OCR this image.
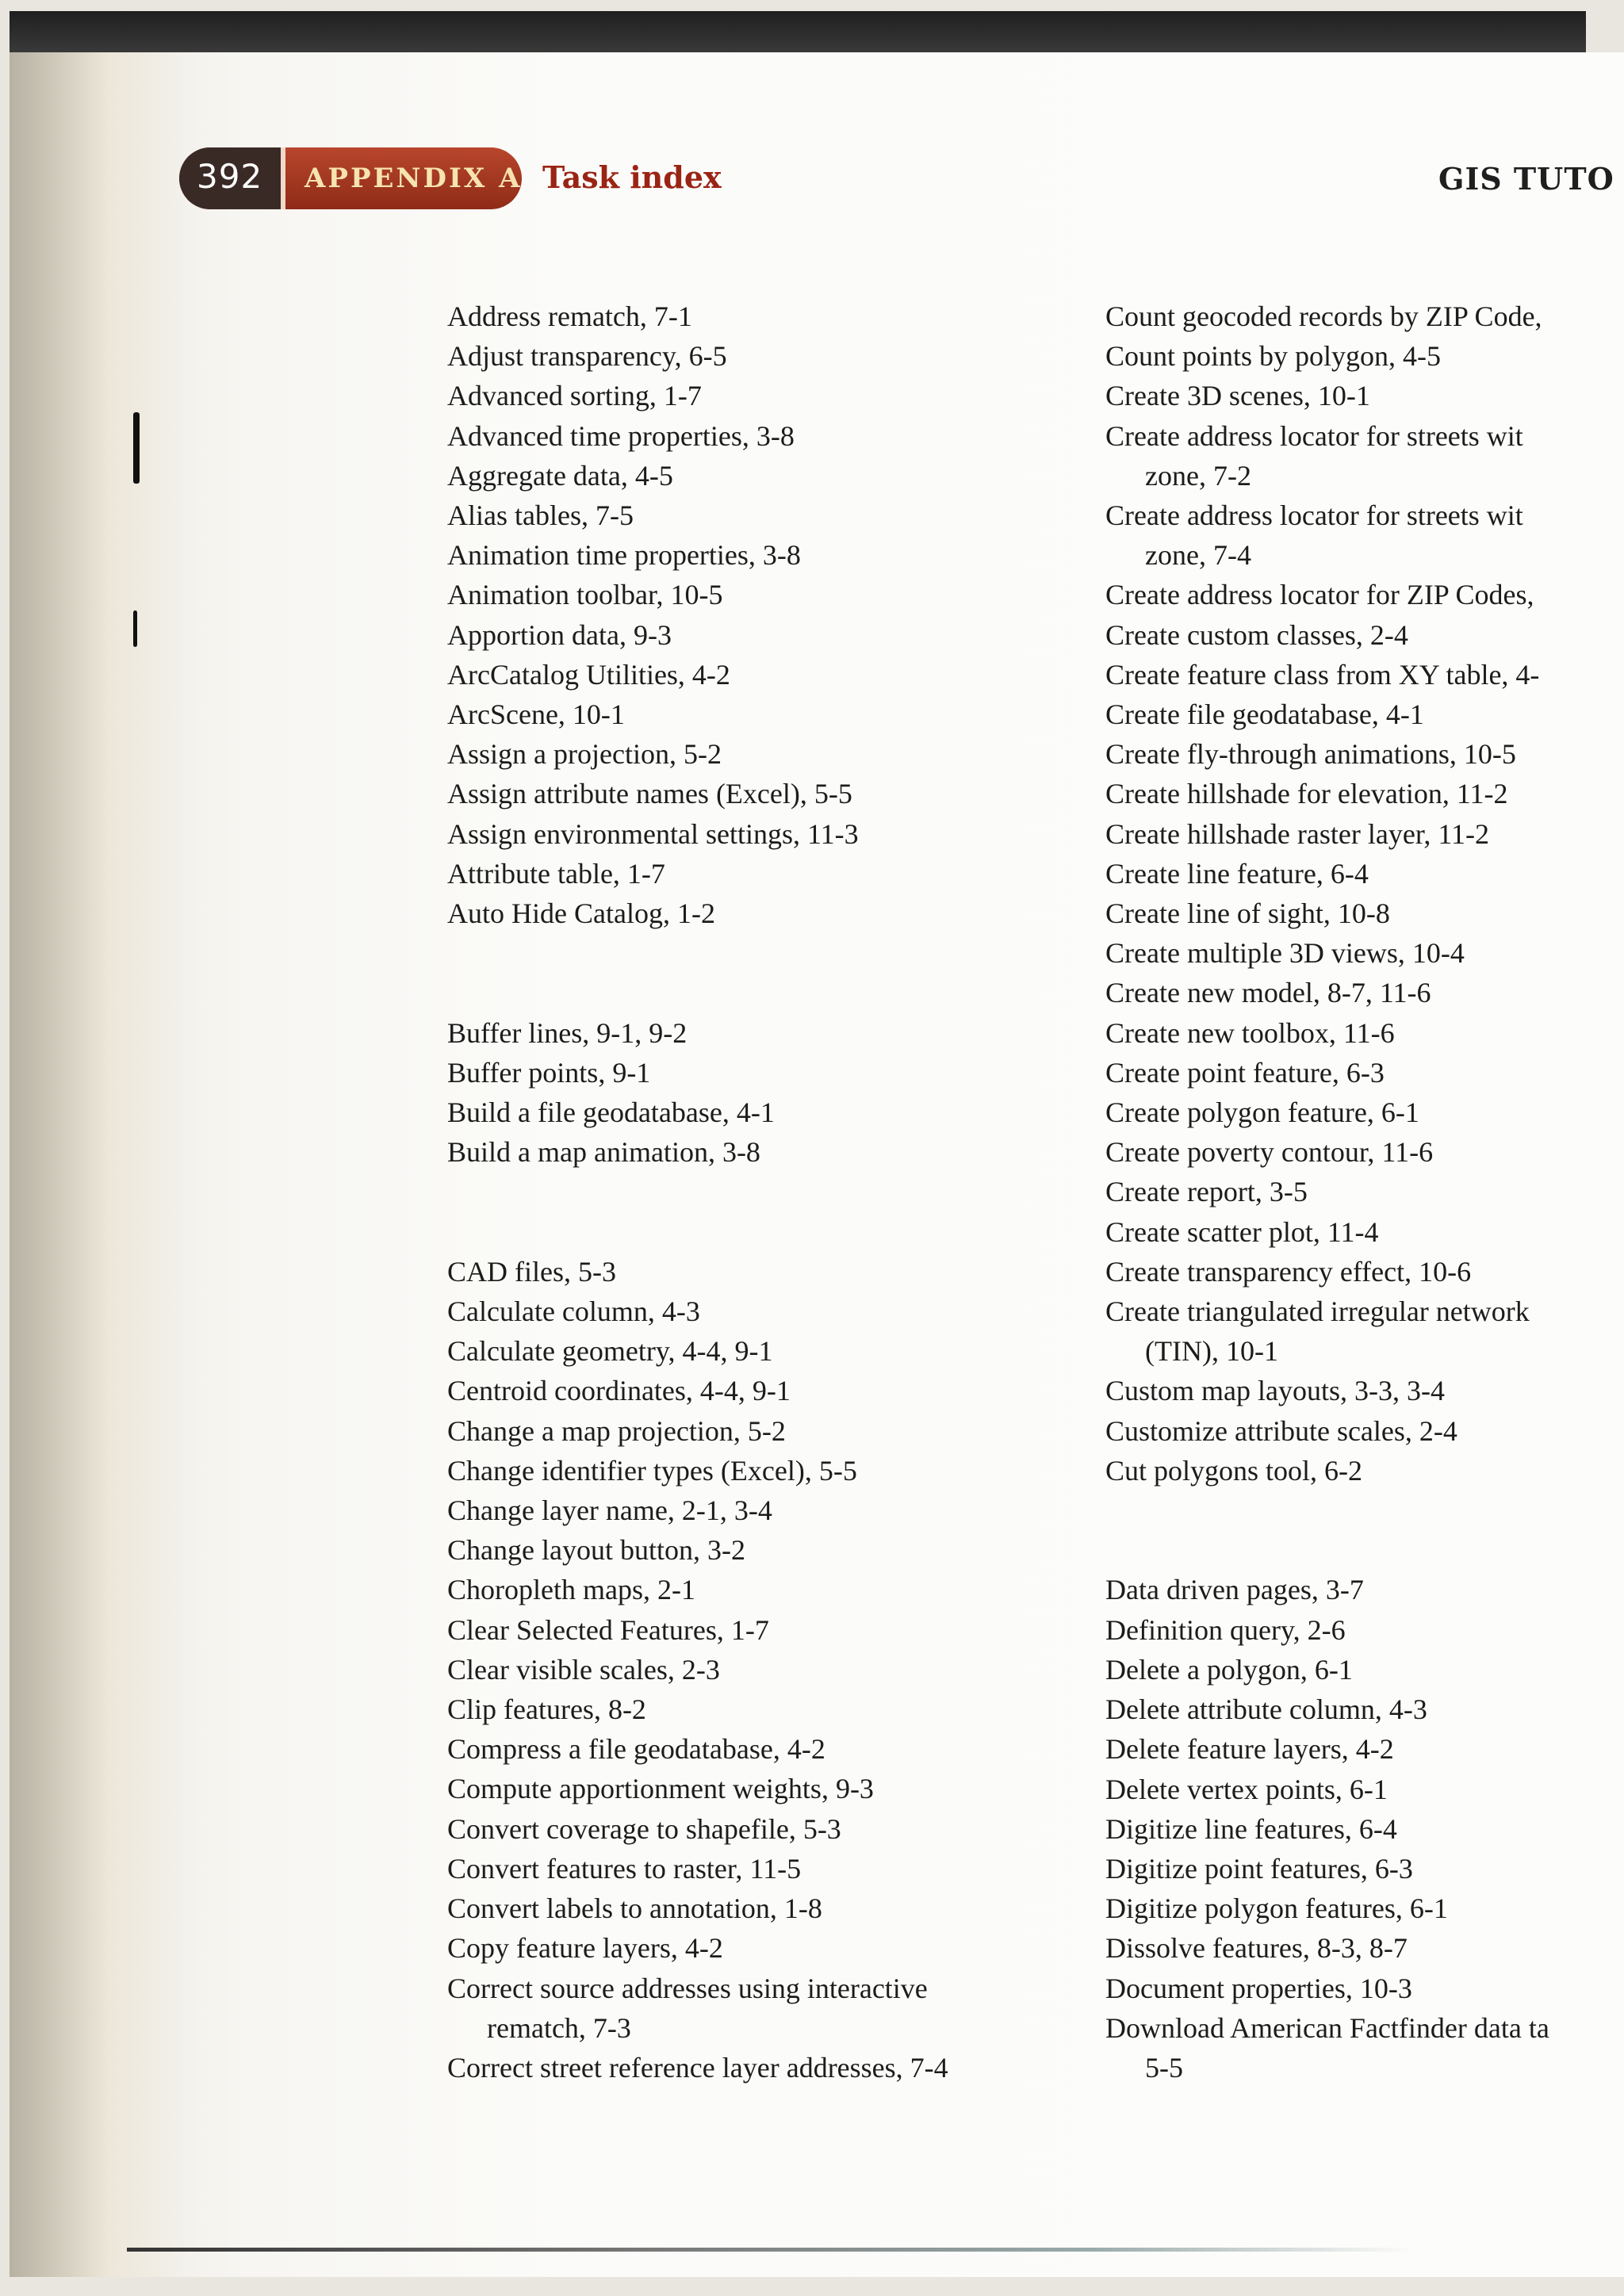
392 APPENDIX A Task index	GIS TUTO
Address rematch, 7-1
Adjust transparency, 6-5
Advanced sorting, 1-7
Advanced time properties, 3-8
Aggregate data, 4-5
Alias tables, 7-5
Animation time properties, 3-8
Animation toolbar, 10-5
Apportion data, 9-3
ArcCatalog Utilities, 4-2
ArcScene, 10-1
Assign a projection, 5-2
Assign attribute names (Excel), 5-5
Assign environmental settings, 11-3
Attribute table, 1-7
Auto Hide Catalog, 1-2
Buffer lines, 9-1, 9-2
Buffer points, 9-1
Build a file geodatabase, 4-1
Build a map animation, 3-8
CAD files, 5-3
Calculate column, 4-3
Calculate geometry, 4-4, 9-1
Centroid coordinates, 4-4, 9-1
Change a map projection, 5-2
Change identifier types (Excel), 5-5
Change layer name, 2-1, 3-4
Change layout button, 3-2
Choropleth maps, 2-1
Clear Selected Features, 1-7
Clear visible scales, 2-3
Clip features, 8-2
Compress a file geodatabase, 4-2
Compute apportionment weights, 9-3
Convert coverage to shapefile, 5-3
Convert features to raster, 11-5
Convert labels to annotation, 1-8
Copy feature layers, 4-2
Correct source addresses using interactive
rematch, 7-3
Correct street reference layer addresses, 7-4
Count geocoded records by ZIP Code,
Count points by polygon, 4-5
Create 3D scenes, 10-1
Create address locator for streets wit
zone, 7-2
Create address locator for streets wit
zone, 7-4
Create address locator for ZIP Codes,
Create custom classes, 2-4
Create feature class from XY table, 4-
Create file geodatabase, 4-1
Create fly-through animations, 10-5
Create hillshade for elevation, 11-2
Create hillshade raster layer, 11-2
Create line feature, 6-4
Create line of sight, 10-8
Create multiple 3D views, 10-4
Create new model, 8-7, 11-6
Create new toolbox, 11-6
Create point feature, 6-3
Create polygon feature, 6-1
Create poverty contour, 11-6
Create report, 3-5
Create scatter plot, 11-4
Create transparency effect, 10-6
Create triangulated irregular network
(TIN), 10-1
Custom map layouts, 3-3, 3-4
Customize attribute scales, 2-4
Cut polygons tool, 6-2
Data driven pages, 3-7
Definition query, 2-6
Delete a polygon, 6-1
Delete attribute column, 4-3
Delete feature layers, 4-2
Delete vertex points, 6-1
Digitize line features, 6-4
Digitize point features, 6-3
Digitize polygon features, 6-1
Dissolve features, 8-3, 8-7
Document properties, 10-3
Download American Factfinder data ta
5-5
